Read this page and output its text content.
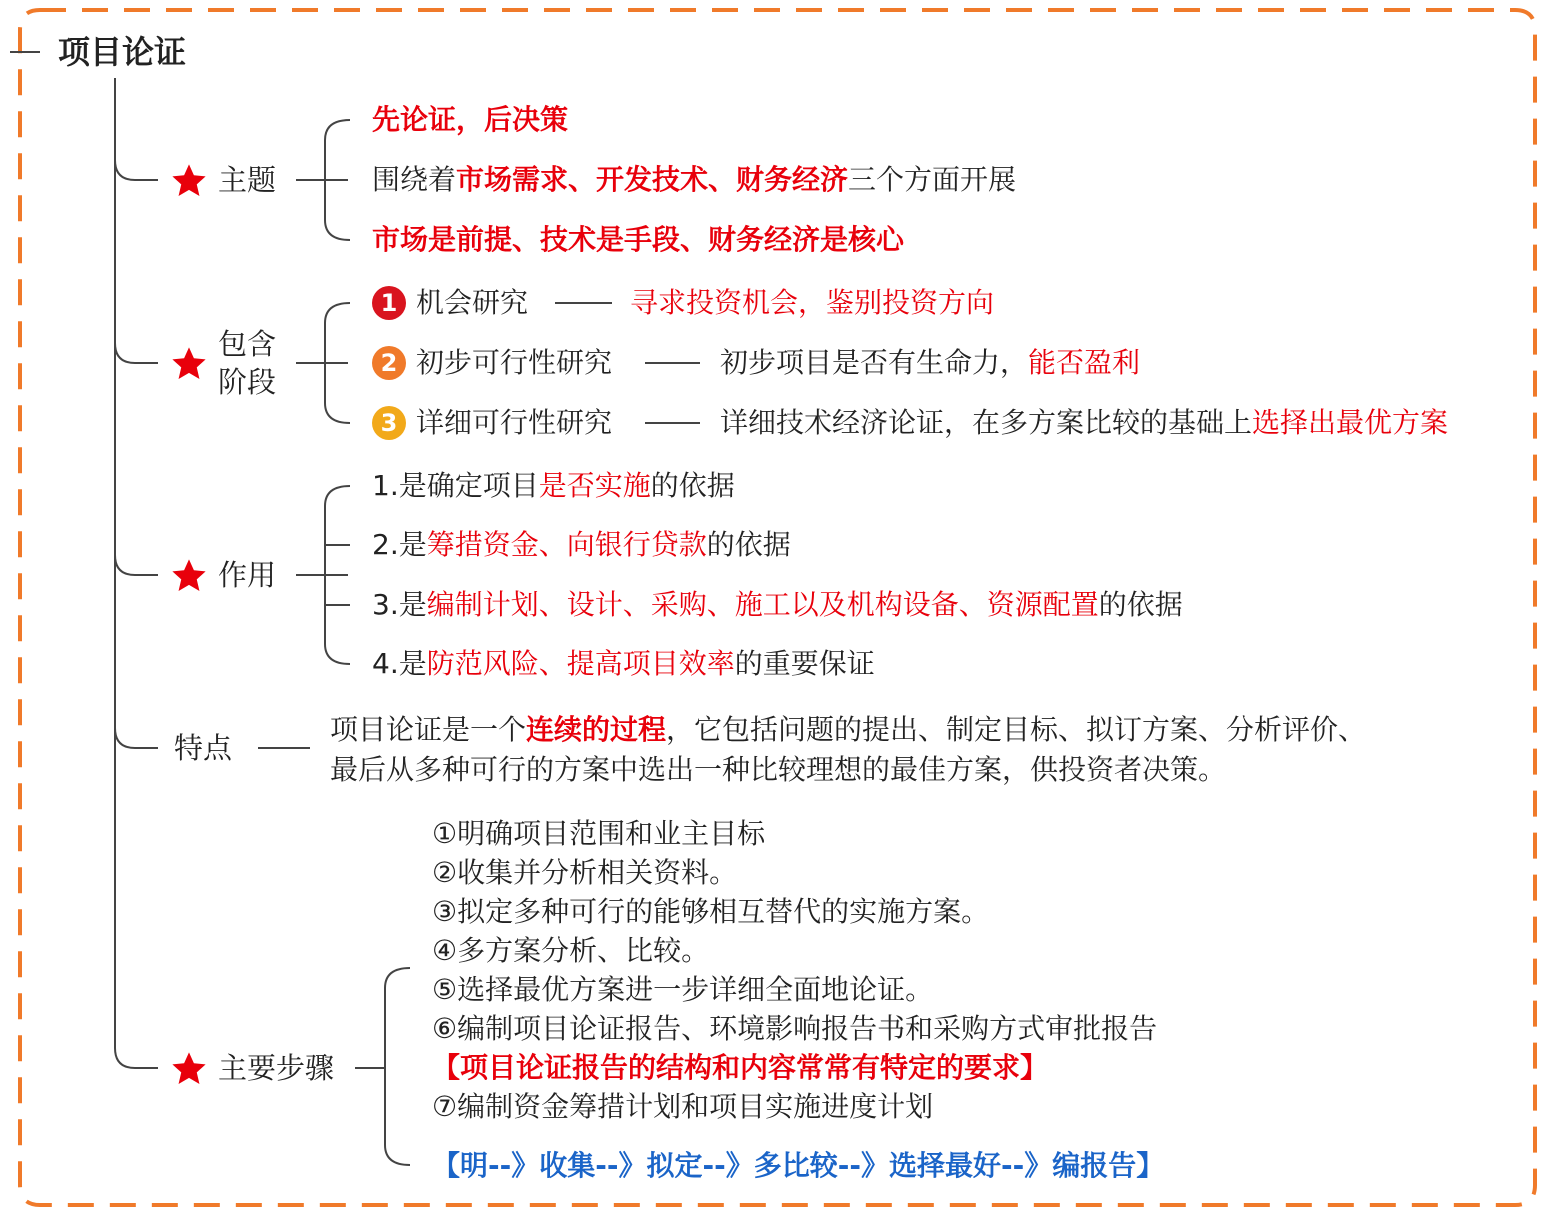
项目论证
主题
先论证，后决策
围绕着市场需求、开发技术、财务经济三个方面开展
市场是前提、技术是手段、财务经济是核心
包含
阶段
1 机会研究	寻求投资机会，鉴别投资方向
2 初步可行性研究	初步项目是否有生命力，能否盈利
3 详细可行性研究	详细技术经济论证，在多方案比较的基础上选择出最优方案
作用
1.是确定项目是否实施的依据
2.是筹措资金、向银行贷款的依据
3.是编制计划、设计、采购、施工以及机构设备、资源配置的依据
4.是防范风险、提高项目效率的重要保证
特点
项目论证是一个连续的过程，它包括问题的提出、制定目标、拟订方案、分析评价、
最后从多种可行的方案中选出一种比较理想的最佳方案，供投资者决策。
主要步骤
①明确项目范围和业主目标
②收集并分析相关资料。
③拟定多种可行的能够相互替代的实施方案。
④多方案分析、比较。
⑤选择最优方案进一步详细全面地论证。
⑥编制项目论证报告、环境影响报告书和采购方式审批报告
【项目论证报告的结构和内容常常有特定的要求】
⑦编制资金筹措计划和项目实施进度计划
【明--》收集--》拟定--》多比较--》选择最好--》编报告】
